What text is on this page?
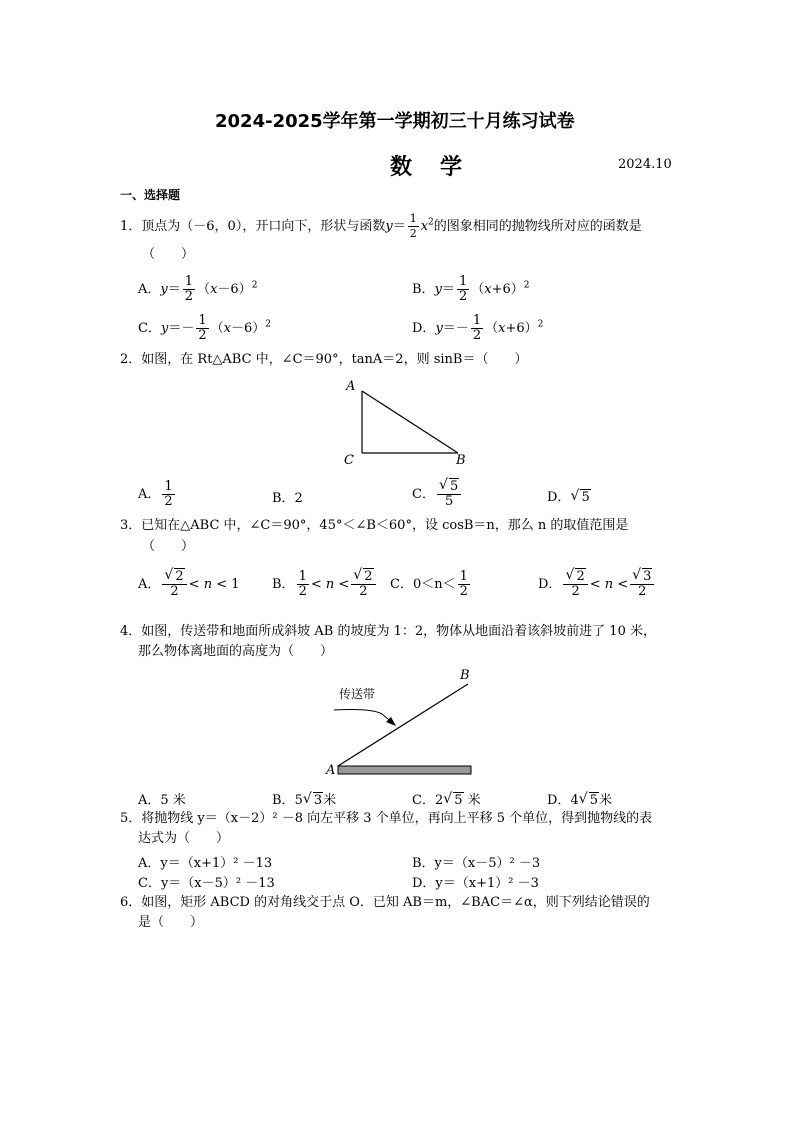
2024-2025学年第一学期初三十月练习试卷
数学	2024.10
一、选择题
1．顶点为（－6，0），开口向下，形状与函数$y= \frac{1}{2} x^2$的图象相同的抛物线所对应的函数是
（　　）
A．$y= \frac{1}{2} (x-6)^2$	B．$y= \frac{1}{2} (x+6)^2$
C．$y=- \frac{1}{2} (x-6)^2$	D．$y=- \frac{1}{2} (x+6)^2$
2．如图，在 Rt△ABC 中，∠C＝90°，tanA＝2，则 sinB＝（　　）
A
C	B
A． $\frac{1}{2}$	B．2	C． √ $\frac{5}{5}$	D． √ 5
3．已知在△ABC 中，∠C＝90°，45°＜∠B＜60°，设 cosB＝n，那么 n 的取值范围是
（　　）
A． √ $\frac{2}{2} < n < 1$ B． $\frac{1}{2} < n$ < √ $\frac{2}{2}$ C．$0<n< \frac{1}{2}$	D． √ $\frac{2}{2} < n$ < √ $\frac{3}{2}$
4．如图，传送带和地面所成斜坡 AB 的坡度为 1：2，物体从地面沿着该斜坡前进了 10 米，
那么物体离地面的高度为（　　）
传送带
B
A
A．5 米	B．5 √ 3米	C．2 √ 5 米	D．4 √ 5米
5．将抛物线 y＝（x－2）² －8 向左平移 3 个单位，再向上平移 5 个单位，得到抛物线的表
达式为（　　）
A．y＝（x+1）² －13	B．y＝（x－5）² －3
C．y＝（x－5）² －13	D．y＝（x+1）² －3
6．如图，矩形 ABCD 的对角线交于点 O．已知 AB＝m，∠BAC＝∠α，则下列结论错误的
是（　　）
